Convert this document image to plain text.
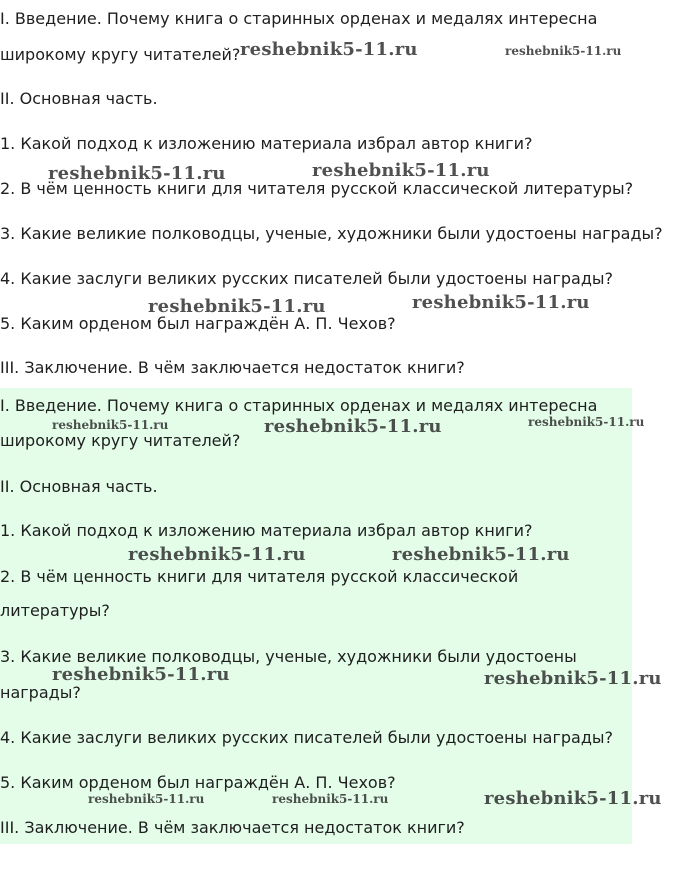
I. Введение. Почему книга о старинных орденах и медалях интересна

широкому кругу читателей?

II. Основная часть.

1. Какой подход к изложению материала избрал автор книги?

2. В чём ценность книги для читателя русской классической литературы?

3. Какие великие полководцы, ученые, художники были удостоены награды?

4. Какие заслуги великих русских писателей были удостоены награды?

5. Каким орденом был награждён А. П. Чехов?

III. Заключение. В чём заключается недостаток книги?

I. Введение. Почему книга о старинных орденах и медалях интересна

широкому кругу читателей?

II. Основная часть.

1. Какой подход к изложению материала избрал автор книги?

2. В чём ценность книги для читателя русской классической

литературы?

3. Какие великие полководцы, ученые, художники были удостоены

награды?

4. Какие заслуги великих русских писателей были удостоены награды?

5. Каким орденом был награждён А. П. Чехов?

III. Заключение. В чём заключается недостаток книги?

reshebnik5-11.ru	reshebnik5-11.ru
reshebnik5-11.ru	reshebnik5-11.ru
reshebnik5-11.ru	reshebnik5-11.ru
reshebnik5-11.ru	reshebnik5-11.ru	reshebnik5-11.ru
reshebnik5-11.ru	reshebnik5-11.ru
reshebnik5-11.ru	reshebnik5-11.ru
reshebnik5-11.ru	reshebnik5-11.ru	reshebnik5-11.ru
